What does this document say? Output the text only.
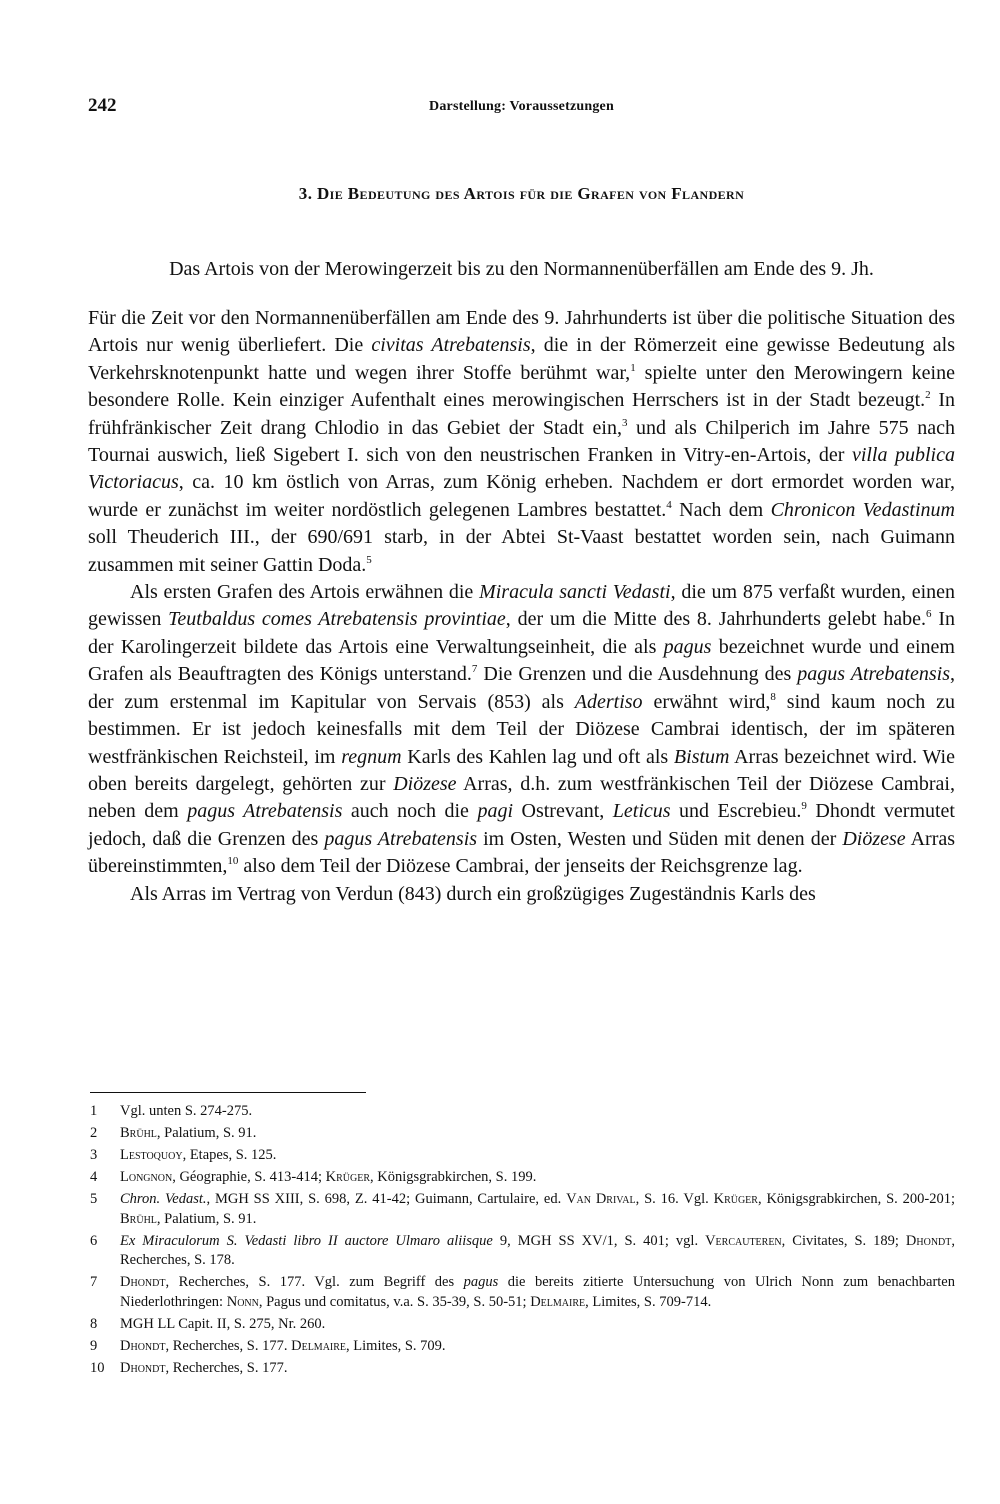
242	Darstellung: Voraussetzungen
3. Die Bedeutung des Artois für die Grafen von Flandern
Das Artois von der Merowingerzeit bis zu den Normannenüberfällen am Ende des 9. Jh.

Für die Zeit vor den Normannenüberfällen am Ende des 9. Jahrhunderts ist über die politische Situation des Artois nur wenig überliefert. Die civitas Atrebatensis, die in der Römerzeit eine gewisse Bedeutung als Verkehrsknotenpunkt hatte und wegen ihrer Stoffe berühmt war,$^1$ spielte unter den Merowingern keine besondere Rolle. Kein einziger Aufenthalt eines merowingischen Herrschers ist in der Stadt bezeugt.$^2$ In frühfränkischer Zeit drang Chlodio in das Gebiet der Stadt ein,$^3$ und als Chilperich im Jahre 575 nach Tournai auswich, ließ Sigebert I. sich von den neustrischen Franken in Vitry-en-Artois, der villa publica Victoriacus, ca. 10 km östlich von Arras, zum König erheben. Nachdem er dort ermordet worden war, wurde er zunächst im weiter nordöstlich gelegenen Lambres bestattet.$^4$ Nach dem Chronicon Vedastinum soll Theuderich III., der 690/691 starb, in der Abtei St-Vaast bestattet worden sein, nach Guimann zusammen mit seiner Gattin Doda.$^5$

Als ersten Grafen des Artois erwähnen die Miracula sancti Vedasti, die um 875 verfaßt wurden, einen gewissen Teutbaldus comes Atrebatensis provintiae, der um die Mitte des 8. Jahrhunderts gelebt habe.$^6$ In der Karolingerzeit bildete das Artois eine Verwaltungseinheit, die als pagus bezeichnet wurde und einem Grafen als Beauftragten des Königs unterstand.$^7$ Die Grenzen und die Ausdehnung des pagus Atrebatensis, der zum erstenmal im Kapitular von Servais (853) als Adertiso erwähnt wird,$^8$ sind kaum noch zu bestimmen. Er ist jedoch keinesfalls mit dem Teil der Diözese Cambrai identisch, der im späteren westfränkischen Reichsteil, im regnum Karls des Kahlen lag und oft als Bistum Arras bezeichnet wird. Wie oben bereits dargelegt, gehörten zur Diözese Arras, d.h. zum westfränkischen Teil der Diözese Cambrai, neben dem pagus Atrebatensis auch noch die pagi Ostrevant, Leticus und Escrebieu.$^9$ Dhondt vermutet jedoch, daß die Grenzen des pagus Atrebatensis im Osten, Westen und Süden mit denen der Diözese Arras übereinstimmten,$^{10}$ also dem Teil der Diözese Cambrai, der jenseits der Reichsgrenze lag.

Als Arras im Vertrag von Verdun (843) durch ein großzügiges Zugeständnis Karls des

1	Vgl. unten S. 274-275.
2	Brühl, Palatium, S. 91.
3	Lestoquoy, Etapes, S. 125.
4	Longnon, Géographie, S. 413-414; Krüger, Königsgrabkirchen, S. 199.
5	Chron. Vedast., MGH SS XIII, S. 698, Z. 41-42; Guimann, Cartulaire, ed. Van Drival, S. 16. Vgl. Krüger, Königsgrabkirchen, S. 200-201; Brühl, Palatium, S. 91.
6	Ex Miraculorum S. Vedasti libro II auctore Ulmaro aliisque 9, MGH SS XV/1, S. 401; vgl. Vercauteren, Civitates, S. 189; Dhondt, Recherches, S. 178.
7	Dhondt, Recherches, S. 177. Vgl. zum Begriff des pagus die bereits zitierte Untersuchung von Ulrich Nonn zum benachbarten Niederlothringen: Nonn, Pagus und comitatus, v.a. S. 35-39, S. 50-51; Delmaire, Limites, S. 709-714.
8	MGH LL Capit. II, S. 275, Nr. 260.
9	Dhondt, Recherches, S. 177. Delmaire, Limites, S. 709.
10	Dhondt, Recherches, S. 177.
